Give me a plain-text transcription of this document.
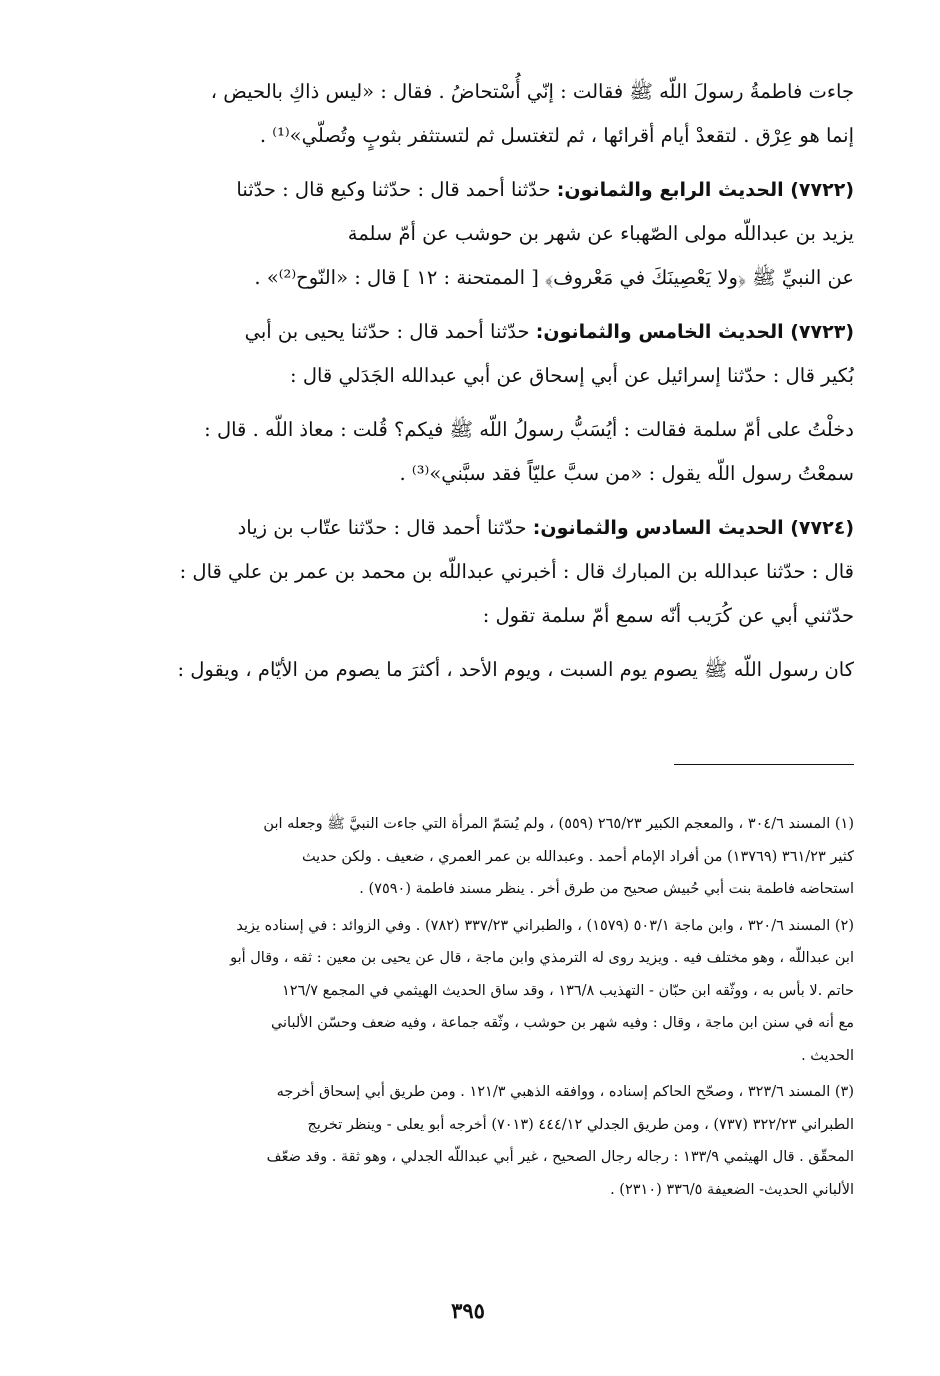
جاءت فاطمةُ رسولَ اللّه ﷺ فقالت : إنّي أُسْتحاضُ . فقال : «ليس ذاكِ بالحيض ،
إنما هو عِرْق . لتقعدْ أيام أقرائها ، ثم لتغتسل ثم لتستثفر بثوبٍ وتُصلّي»⁽¹⁾ .
(٧٧٢٢) الحديث الرابع والثمانون: حدّثنا أحمد قال : حدّثنا وكيع قال : حدّثنا
يزيد بن عبداللّه مولى الصّهباء عن شهر بن حوشب عن أمّ سلمة
عن النبيِّ ﷺ ﴿ولا يَعْصِينَكَ في مَعْروف﴾ [ الممتحنة : ١٢ ] قال : «النّوح⁽²⁾» .
(٧٧٢٣) الحديث الخامس والثمانون: حدّثنا أحمد قال : حدّثنا يحيى بن أبي
بُكير قال : حدّثنا إسرائيل عن أبي إسحاق عن أبي عبدالله الجَدَلي قال :
دخلْتُ على أمّ سلمة فقالت : أيُسَبُّ رسولُ اللّه ﷺ فيكم؟ قُلت : معاذ اللّه . قال :
سمعْتُ رسول اللّه يقول : «من سبَّ عليّاً فقد سبَّني»⁽³⁾ .
(٧٧٢٤) الحديث السادس والثمانون: حدّثنا أحمد قال : حدّثنا عتّاب بن زياد
قال : حدّثنا عبدالله بن المبارك قال : أخبرني عبداللّه بن محمد بن عمر بن علي قال :
حدّثني أبي عن كُرَيب أنّه سمع أمّ سلمة تقول :
كان رسول اللّه ﷺ يصوم يوم السبت ، ويوم الأحد ، أكثرَ ما يصوم من الأيّام ، ويقول :
(١) المسند ٣٠٤/٦ ، والمعجم الكبير ٢٦٥/٢٣ (٥٥٩) ، ولم يُسَمّ المرأة التي جاءت النبيَّ ﷺ وجعله ابن
كثير ٣٦١/٢٣ (١٣٧٦٩) من أفراد الإمام أحمد . وعبدالله بن عمر العمري ، ضعيف . ولكن حديث
استحاضه فاطمة بنت أبي حُبيش صحيح من طرق أخر . ينظر مسند فاطمة (٧٥٩٠) .
(٢) المسند ٣٢٠/٦ ، وابن ماجة ٥٠٣/١ (١٥٧٩) ، والطبراني ٣٣٧/٢٣ (٧٨٢) . وفي الزوائد : في إسناده يزيد
ابن عبداللّه ، وهو مختلف فيه . ويزيد روى له الترمذي وابن ماجة ، قال عن يحيى بن معين : ثقه ، وقال أبو
حاتم .لا بأس به ، ووثّقه ابن حبّان - التهذيب ١٣٦/٨ ، وقد ساق الحديث الهيثمي في المجمع ١٢٦/٧
مع أنه في سنن ابن ماجة ، وقال : وفيه شهر بن حوشب ، وثّقه جماعة ، وفيه ضعف وحسّن الألباني
الحديث .
(٣) المسند ٣٢٣/٦ ، وصحّح الحاكم إسناده ، ووافقه الذهبي ١٢١/٣ . ومن طريق أبي إسحاق أخرجه
الطبراني ٣٢٢/٢٣ (٧٣٧) ، ومن طريق الجدلي ٤٤٤/١٢ (٧٠١٣) أخرجه أبو يعلى - وينظر تخريج
المحقّق . قال الهيثمي ١٣٣/٩ : رجاله رجال الصحيح ، غير أبي عبداللّه الجدلي ، وهو ثقة . وقد ضعّف
الألباني الحديث- الضعيفة ٣٣٦/٥ (٢٣١٠) .
٣٩٥
